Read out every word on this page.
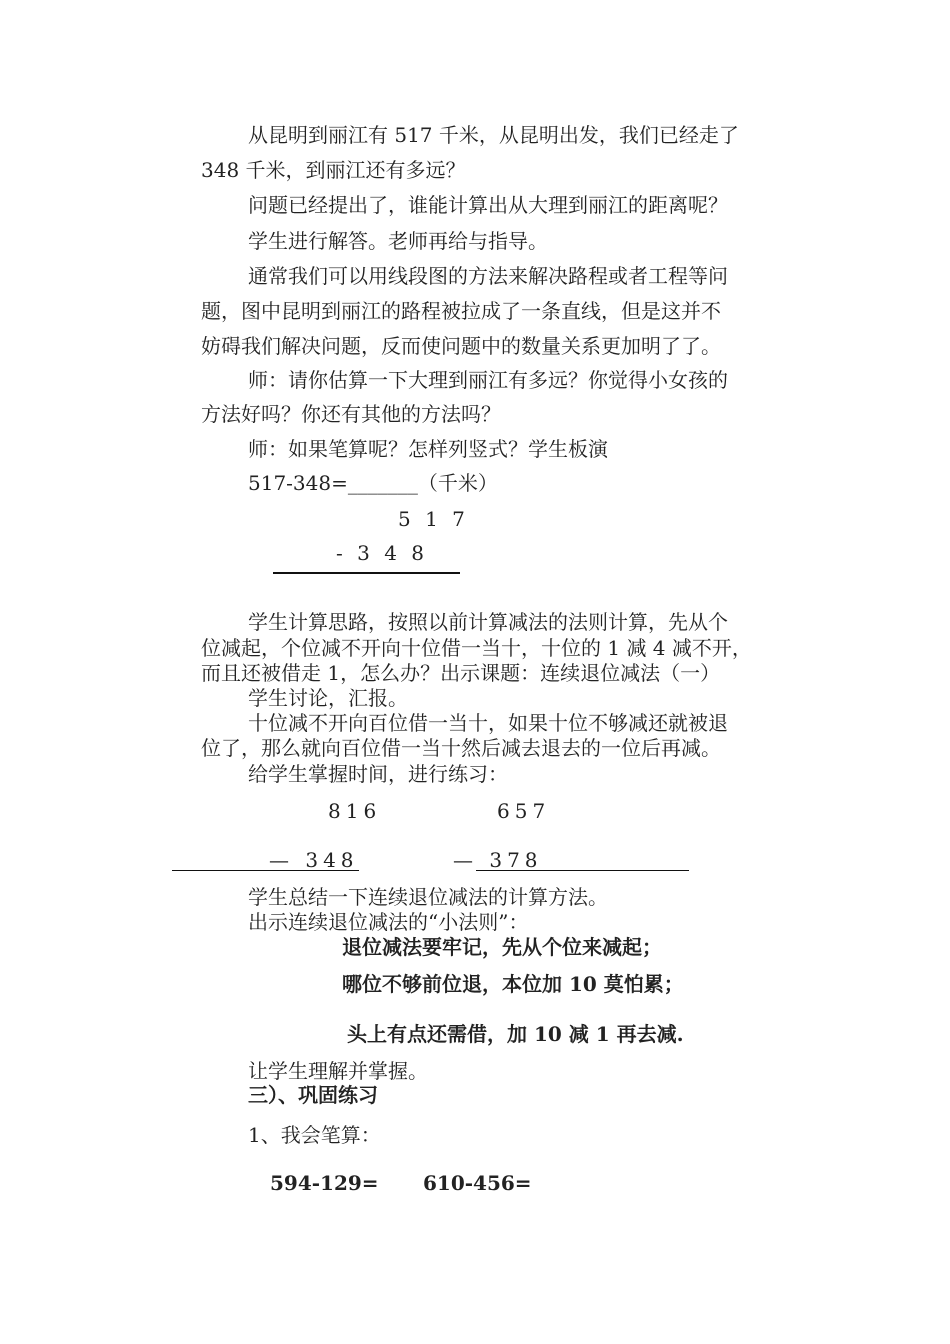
从昆明到丽江有 517 千米，从昆明出发，我们已经走了
348 千米，到丽江还有多远？
问题已经提出了，谁能计算出从大理到丽江的距离呢？
学生进行解答。老师再给与指导。
通常我们可以用线段图的方法来解决路程或者工程等问
题，图中昆明到丽江的路程被拉成了一条直线，但是这并不
妨碍我们解决问题，反而使问题中的数量关系更加明了了。
师：请你估算一下大理到丽江有多远？你觉得小女孩的
方法好吗？你还有其他的方法吗？
师：如果笔算呢？怎样列竖式？学生板演
517-348=_______（千米）
5 1 7
- 3 4 8
学生计算思路，按照以前计算减法的法则计算，先从个
位减起，个位减不开向十位借一当十，十位的 1 减 4 减不开，
而且还被借走 1，怎么办？出示课题：连续退位减法（一）
学生讨论，汇报。
十位减不开向百位借一当十，如果十位不够减还就被退
位了，那么就向百位借一当十然后减去退去的一位后再减。
给学生掌握时间，进行练习：
816	657
— 348	— 378
学生总结一下连续退位减法的计算方法。
出示连续退位减法的“小法则”：
退位减法要牢记，先从个位来减起；
哪位不够前位退，本位加 10 莫怕累；
头上有点还需借，加 10 减 1 再去减.
让学生理解并掌握。
三）、巩固练习
1、我会笔算：
594-129= 610-456=
